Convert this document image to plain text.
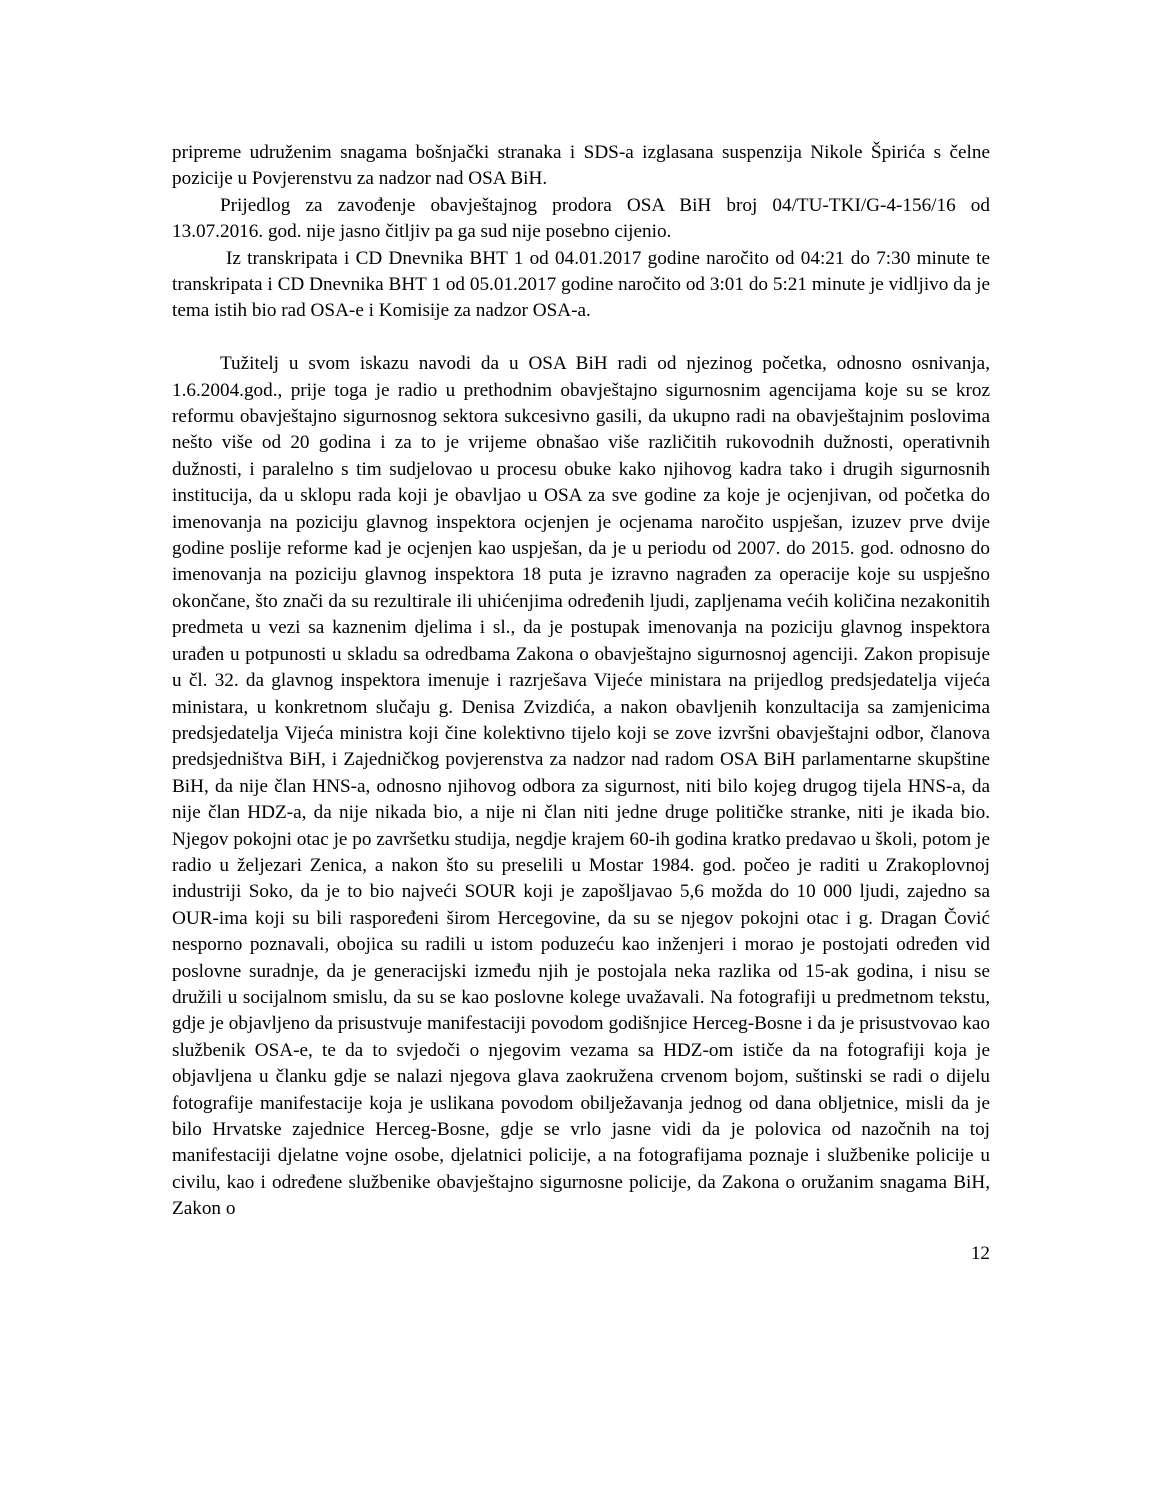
pripreme udruženim snagama bošnjački stranaka i SDS-a izglasana suspenzija Nikole Špirića s čelne pozicije u Povjerenstvu za nadzor nad OSA BiH.

Prijedlog za zavođenje obavještajnog prodora OSA BiH broj 04/TU-TKI/G-4-156/16 od 13.07.2016. god. nije jasno čitljiv pa ga sud nije posebno cijenio.

Iz transkripata i CD Dnevnika BHT 1 od 04.01.2017 godine naročito od 04:21 do 7:30 minute te transkripata i CD Dnevnika BHT 1 od 05.01.2017 godine naročito od 3:01 do 5:21 minute je vidljivo da je tema istih bio rad OSA-e i Komisije za nadzor OSA-a.

Tužitelj u svom iskazu navodi da u OSA BiH radi od njezinog početka, odnosno osnivanja, 1.6.2004.god., prije toga je radio u prethodnim obavještajno sigurnosnim agencijama koje su se kroz reformu obavještajno sigurnosnog sektora sukcesivno gasili, da ukupno radi na obavještajnim poslovima nešto više od 20 godina i za to je vrijeme obnašao više različitih rukovodnih dužnosti, operativnih dužnosti, i paralelno s tim sudjelovao u procesu obuke kako njihovog kadra tako i drugih sigurnosnih institucija, da u sklopu rada koji je obavljao u OSA za sve godine za koje je ocjenjivan, od početka do imenovanja na poziciju glavnog inspektora ocjenjen je ocjenama naročito uspješan, izuzev prve dvije godine poslije reforme kad je ocjenjen kao uspješan, da je u periodu od 2007. do 2015. god. odnosno do imenovanja na poziciju glavnog inspektora 18 puta je izravno nagrađen za operacije koje su uspješno okončane, što znači da su rezultirale ili uhićenjima određenih ljudi, zapljenama većih količina nezakonitih predmeta u vezi sa kaznenim djelima i sl., da je postupak imenovanja na poziciju glavnog inspektora urađen u potpunosti u skladu sa odredbama Zakona o obavještajno sigurnosnoj agenciji. Zakon propisuje u čl. 32. da glavnog inspektora imenuje i razrješava Vijeće ministara na prijedlog predsjedatelja vijeća ministara, u konkretnom slučaju g. Denisa Zvizdića, a nakon obavljenih konzultacija sa zamjenicima predsjedatelja Vijeća ministra koji čine kolektivno tijelo koji se zove izvršni obavještajni odbor, članova predsjedništva BiH, i Zajedničkog povjerenstva za nadzor nad radom OSA BiH parlamentarne skupštine BiH, da nije član HNS-a, odnosno njihovog odbora za sigurnost, niti bilo kojeg drugog tijela HNS-a, da nije član HDZ-a, da nije nikada bio, a nije ni član niti jedne druge političke stranke, niti je ikada bio. Njegov pokojni otac je po završetku studija, negdje krajem 60-ih godina kratko predavao u školi, potom je radio u željezari Zenica, a nakon što su preselili u Mostar 1984. god. počeo je raditi u Zrakoplovnoj industriji Soko, da je to bio najveći SOUR koji je zapošljavao 5,6 možda do 10 000 ljudi, zajedno sa OUR-ima koji su bili raspoređeni širom Hercegovine, da su se njegov pokojni otac i g. Dragan Čović nesporno poznavali, obojica su radili u istom poduzeću kao inženjeri i morao je postojati određen vid poslovne suradnje, da je generacijski između njih je postojala neka razlika od 15-ak godina, i nisu se družili u socijalnom smislu, da su se kao poslovne kolege uvažavali. Na fotografiji u predmetnom tekstu, gdje je objavljeno da prisustvuje manifestaciji povodom godišnjice Herceg-Bosne i da je prisustvovao kao službenik OSA-e, te da to svjedoči o njegovim vezama sa HDZ-om ističe da na fotografiji koja je objavljena u članku gdje se nalazi njegova glava zaokružena crvenom bojom, suštinski se radi o dijelu fotografije manifestacije koja je uslikana povodom obilježavanja jednog od dana obljetnice, misli da je bilo Hrvatske zajednice Herceg-Bosne, gdje se vrlo jasne vidi da je polovica od nazočnih na toj manifestaciji djelatne vojne osobe, djelatnici policije, a na fotografijama poznaje i službenike policije u civilu, kao i određene službenike obavještajno sigurnosne policije, da Zakona o oružanim snagama BiH, Zakon o

12
